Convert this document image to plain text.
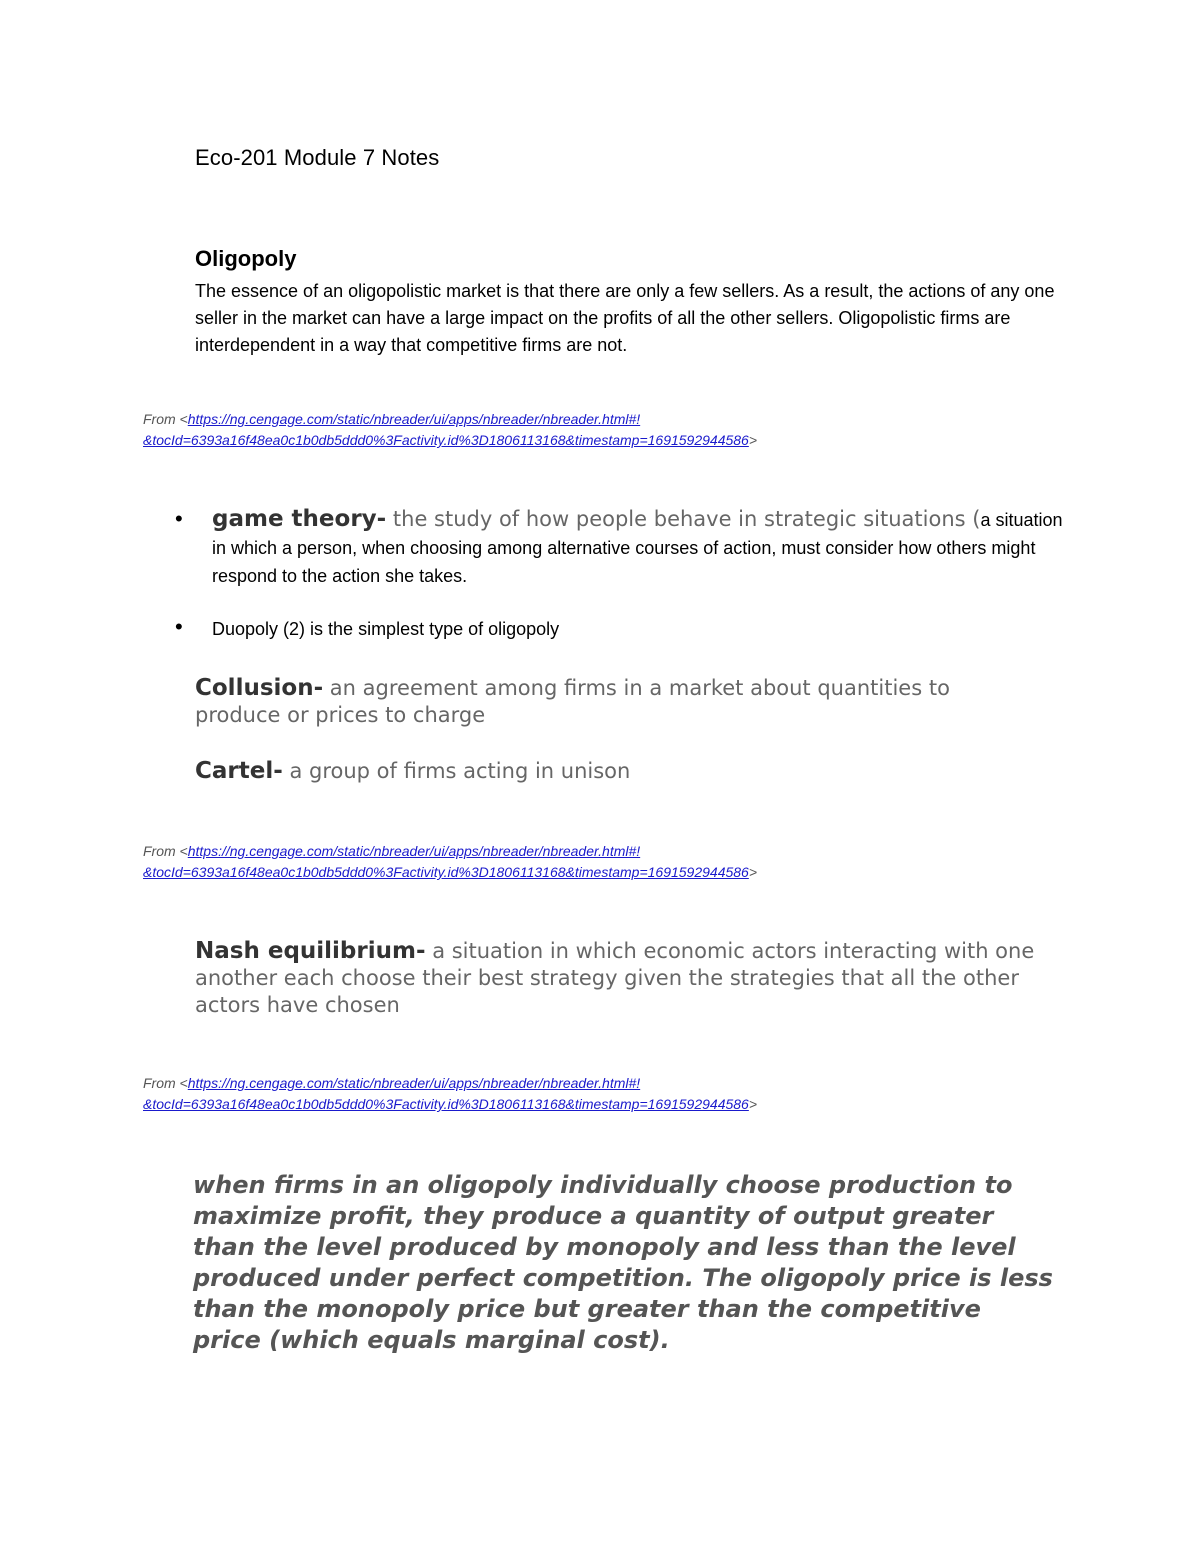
Eco-201 Module 7 Notes
Oligopoly

The essence of an oligopolistic market is that there are only a few sellers. As a result, the actions of any one seller in the market can have a large impact on the profits of all the other sellers. Oligopolistic firms are interdependent in a way that competitive firms are not.

From <https://ng.cengage.com/static/nbreader/ui/apps/nbreader/nbreader.html#!
&tocId=6393a16f48ea0c1b0db5ddd0%3Factivity.id%3D1806113168&timestamp=1691592944586>
• game theory- the study of how people behave in strategic situations (a situation in which a person, when choosing among alternative courses of action, must consider how others might respond to the action she takes.
• Duopoly (2) is the simplest type of oligopoly

Collusion- an agreement among firms in a market about quantities to produce or prices to charge

Cartel- a group of firms acting in unison

From <https://ng.cengage.com/static/nbreader/ui/apps/nbreader/nbreader.html#!
&tocId=6393a16f48ea0c1b0db5ddd0%3Factivity.id%3D1806113168&timestamp=1691592944586>

Nash equilibrium- a situation in which economic actors interacting with one another each choose their best strategy given the strategies that all the other actors have chosen

From <https://ng.cengage.com/static/nbreader/ui/apps/nbreader/nbreader.html#!
&tocId=6393a16f48ea0c1b0db5ddd0%3Factivity.id%3D1806113168&timestamp=1691592944586>

when firms in an oligopoly individually choose production to maximize profit, they produce a quantity of output greater than the level produced by monopoly and less than the level produced under perfect competition. The oligopoly price is less than the monopoly price but greater than the competitive price (which equals marginal cost).
